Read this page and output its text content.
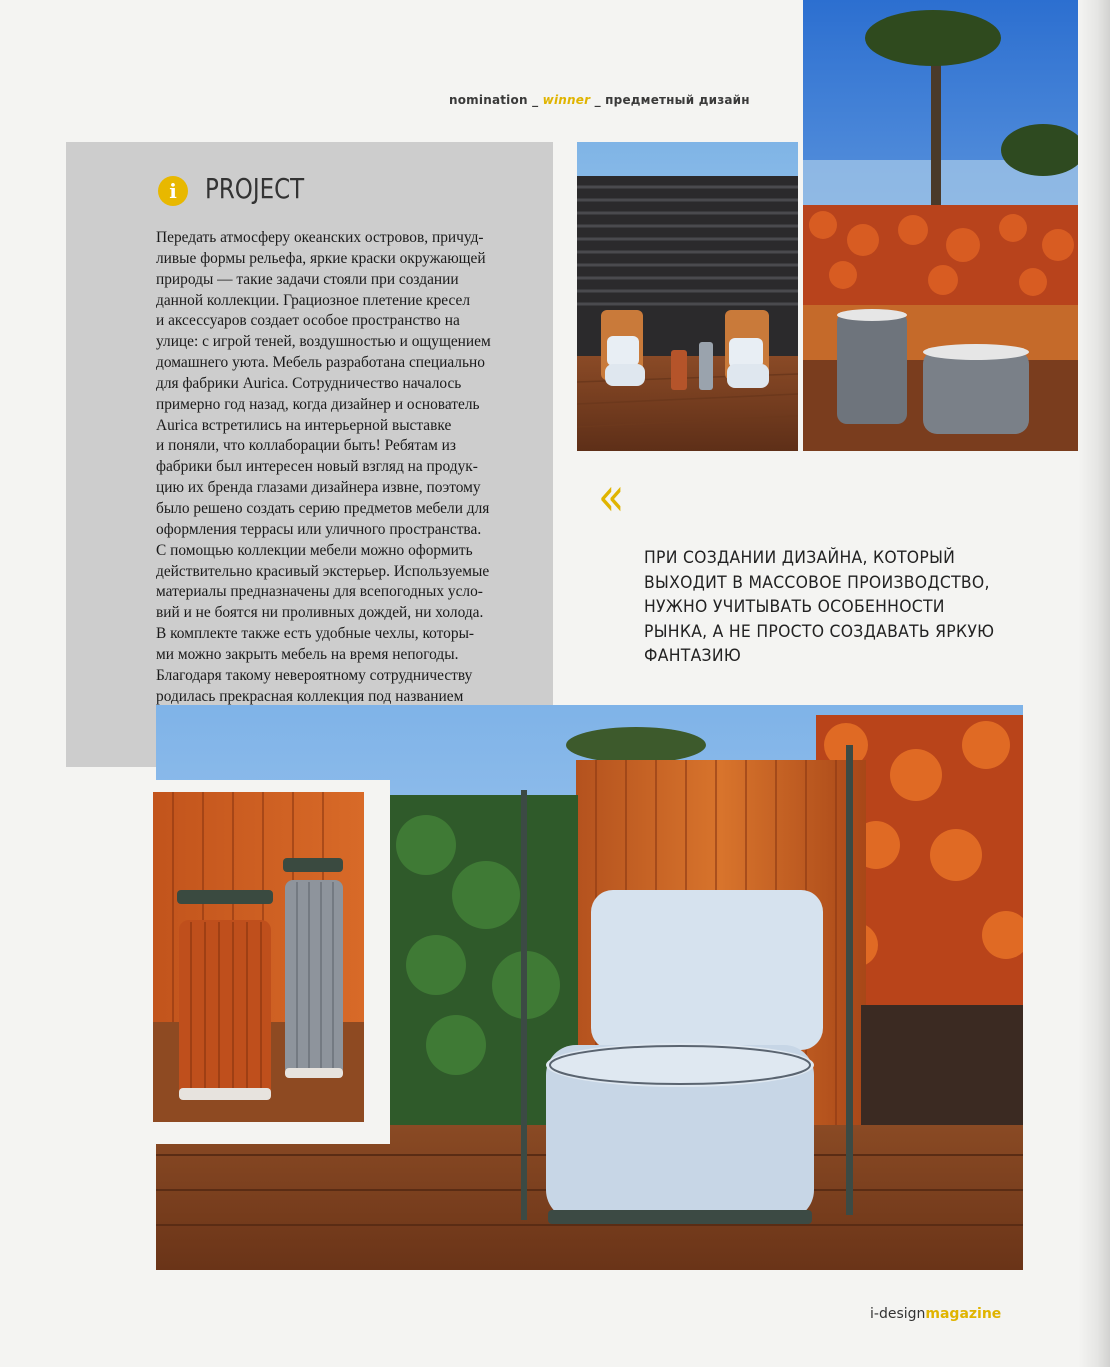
nomination _ winner _ предметный дизайн
i	PROJECT
Передать атмосферу океанских островов, причуд-
ливые формы рельефа, яркие краски окружающей
природы — такие задачи стояли при создании
данной коллекции. Грациозное плетение кресел
и аксессуаров создает особое пространство на
улице: с игрой теней, воздушностью и ощущением
домашнего уюта. Мебель разработана специально
для фабрики Aurica. Сотрудничество началось
примерно год назад, когда дизайнер и основатель
Aurica встретились на интерьерной выставке
и поняли, что коллаборации быть! Ребятам из
фабрики был интересен новый взгляд на продук-
цию их бренда глазами дизайнера извне, поэтому
было решено создать серию предметов мебели для
оформления террасы или уличного пространства.
С помощью коллекции мебели можно оформить
действительно красивый экстерьер. Используемые
материалы предназначены для всепогодных усло-
вий и не боятся ни проливных дождей, ни холода.
В комплекте также есть удобные чехлы, которы-
ми можно закрыть мебель на время непогоды.
Благодаря такому невероятному сотрудничеству
родилась прекрасная коллекция под названием
«
ПРИ СОЗДАНИИ ДИЗАЙНА, КОТОРЫЙ
ВЫХОДИТ В МАССОВОЕ ПРОИЗВОДСТВО,
НУЖНО УЧИТЫВАТЬ ОСОБЕННОСТИ
РЫНКА, А НЕ ПРОСТО СОЗДАВАТЬ ЯРКУЮ
ФАНТАЗИЮ
i-designmagazine
